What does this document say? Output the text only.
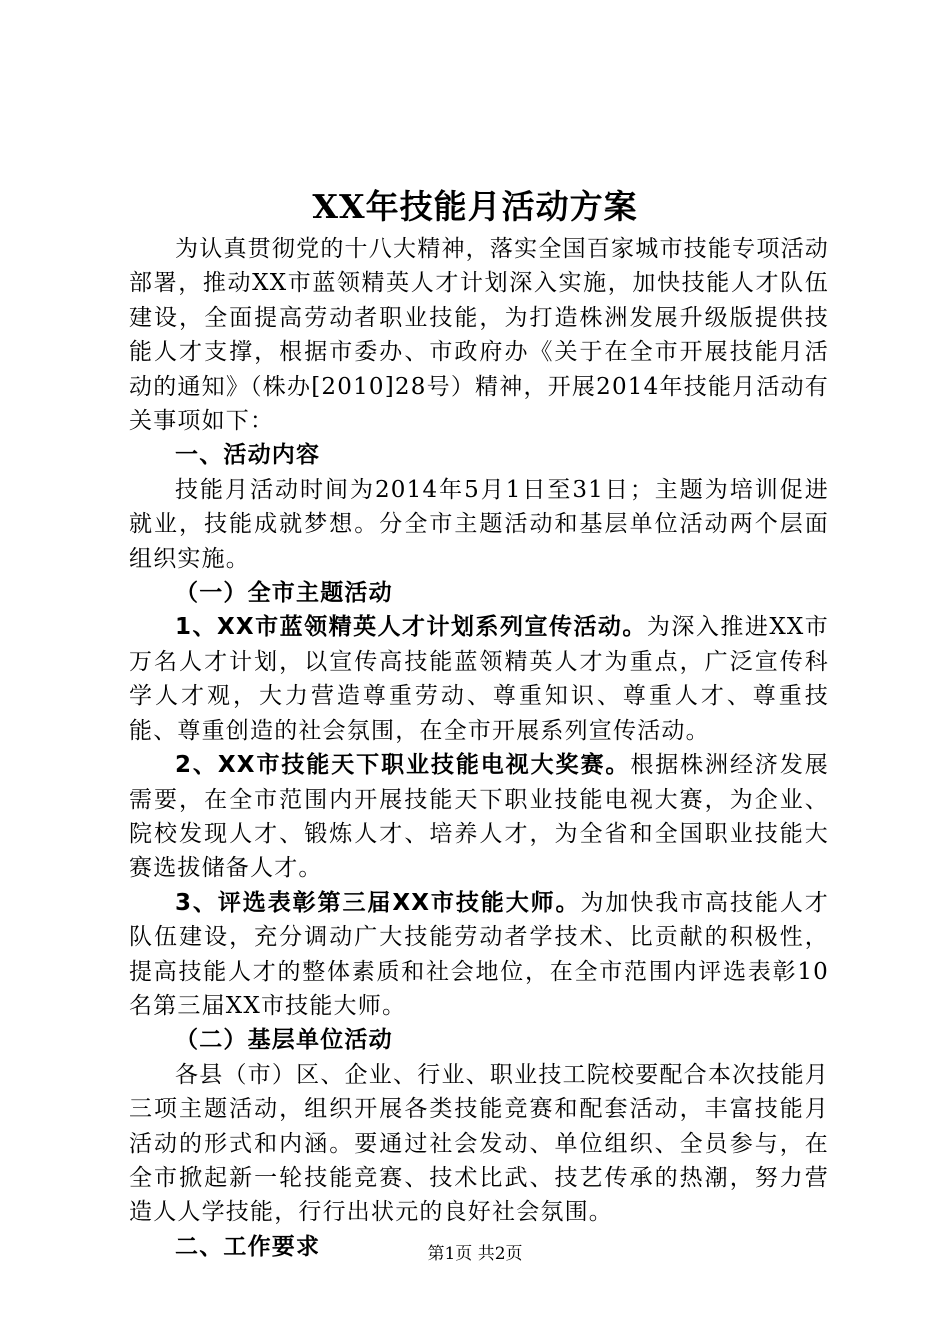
XX年技能月活动方案

为认真贯彻党的十八大精神，落实全国百家城市技能专项活动部署，推动XX市蓝领精英人才计划深入实施，加快技能人才队伍建设，全面提高劳动者职业技能，为打造株洲发展升级版提供技能人才支撑，根据市委办、市政府办《关于在全市开展技能月活动的通知》（株办[2010]28号）精神，开展2014年技能月活动有关事项如下：

一、活动内容

技能月活动时间为2014年5月1日至31日；主题为培训促进就业，技能成就梦想。分全市主题活动和基层单位活动两个层面组织实施。

（一）全市主题活动

1、XX市蓝领精英人才计划系列宣传活动。为深入推进XX市万名人才计划，以宣传高技能蓝领精英人才为重点，广泛宣传科学人才观，大力营造尊重劳动、尊重知识、尊重人才、尊重技能、尊重创造的社会氛围，在全市开展系列宣传活动。

2、XX市技能天下职业技能电视大奖赛。根据株洲经济发展需要，在全市范围内开展技能天下职业技能电视大赛，为企业、院校发现人才、锻炼人才、培养人才，为全省和全国职业技能大赛选拔储备人才。

3、评选表彰第三届XX市技能大师。为加快我市高技能人才队伍建设，充分调动广大技能劳动者学技术、比贡献的积极性，提高技能人才的整体素质和社会地位，在全市范围内评选表彰10名第三届XX市技能大师。

（二）基层单位活动

各县（市）区、企业、行业、职业技工院校要配合本次技能月三项主题活动，组织开展各类技能竞赛和配套活动，丰富技能月活动的形式和内涵。要通过社会发动、单位组织、全员参与，在全市掀起新一轮技能竞赛、技术比武、技艺传承的热潮，努力营造人人学技能，行行出状元的良好社会氛围。

二、工作要求	第1页 共2页
